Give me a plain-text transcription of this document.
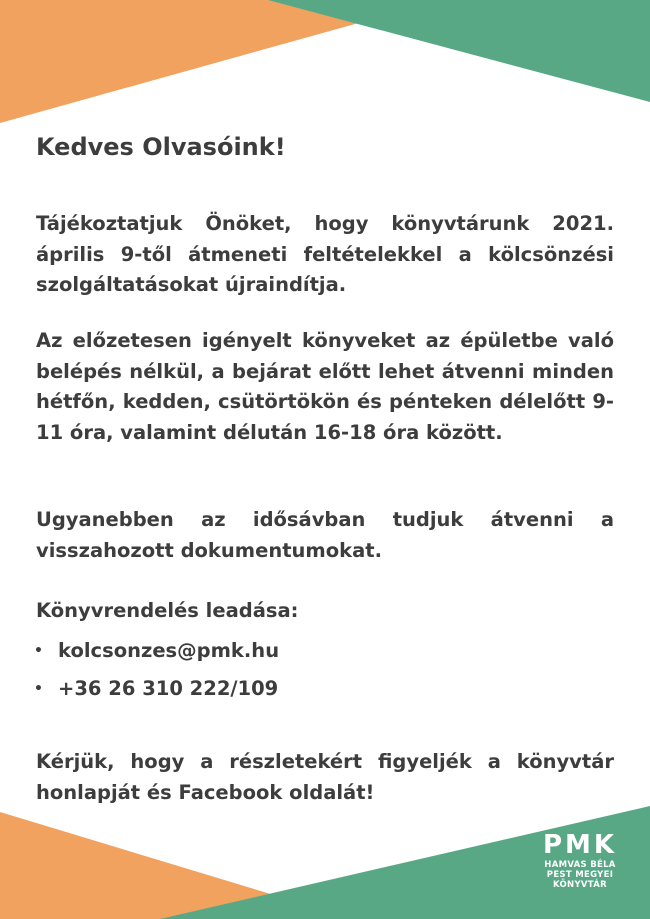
Kedves Olvasóink!

Tájékoztatjuk Önöket, hogy könyvtárunk 2021. április 9-től átmeneti feltételekkel a kölcsönzési szolgáltatásokat újraindítja.

Az előzetesen igényelt könyveket az épületbe való belépés nélkül, a bejárat előtt lehet átvenni minden hétfőn, kedden, csütörtökön és pénteken délelőtt 9-11 óra, valamint délután 16-18 óra között.

Ugyanebben az idősávban tudjuk átvenni a visszahozott dokumentumokat.

Könyvrendelés leadása:

• kolcsonzes@pmk.hu
• +36 26 310 222/109

Kérjük, hogy a részletekért figyeljék a könyvtár honlapját és Facebook oldalát!

PMK
HAMVAS BÉLA
PEST MEGYEI
KÖNYVTÁR
